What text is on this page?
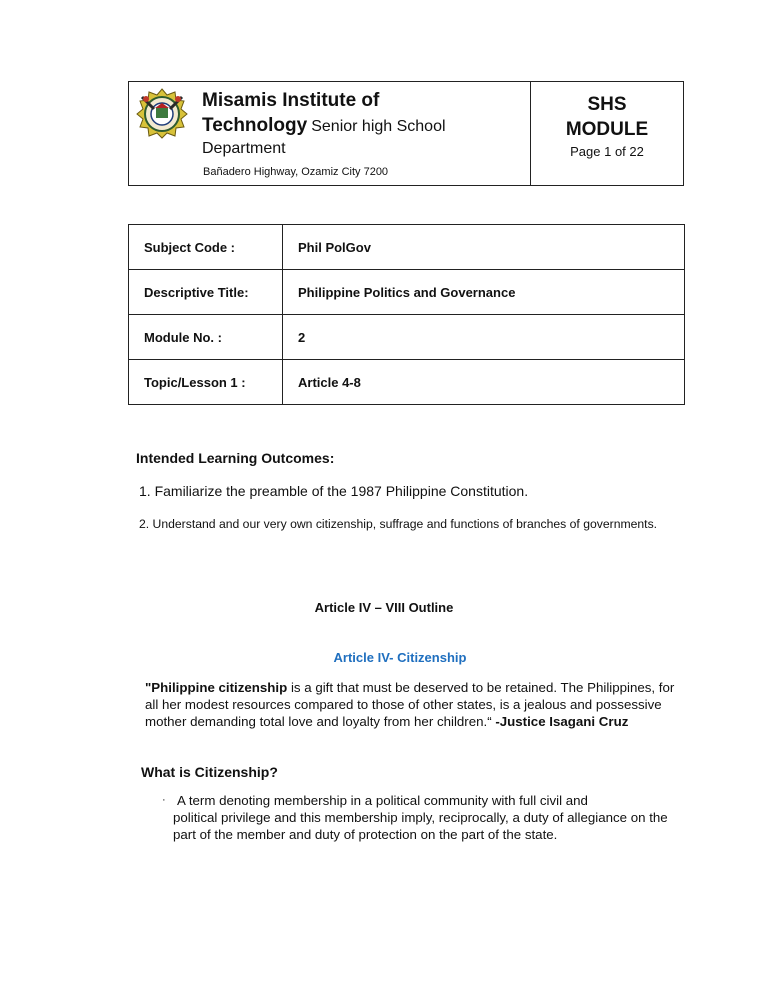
Misamis Institute of
Technology Senior high School
Department
Bañadero Highway, Ozamiz City 7200
SHS
MODULE
Page 1 of 22
Subject Code :	Phil PolGov
Descriptive Title:	Philippine Politics and Governance
Module No. :	2
Topic/Lesson 1 :	Article 4-8
Intended Learning Outcomes:
1. Familiarize the preamble of the 1987 Philippine Constitution.
2. Understand and our very own citizenship, suffrage and functions of branches of governments.
Article IV – VIII Outline
Article IV- Citizenship
"Philippine citizenship is a gift that must be deserved to be retained. The Philippines, for all her modest resources compared to those of other states, is a jealous and possessive mother demanding total love and loyalty from her children.“ -Justice Isagani Cruz
What is Citizenship?
· A term denoting membership in a political community with full civil and
political privilege and this membership imply, reciprocally, a duty of allegiance on the part of the member and duty of protection on the part of the state.
